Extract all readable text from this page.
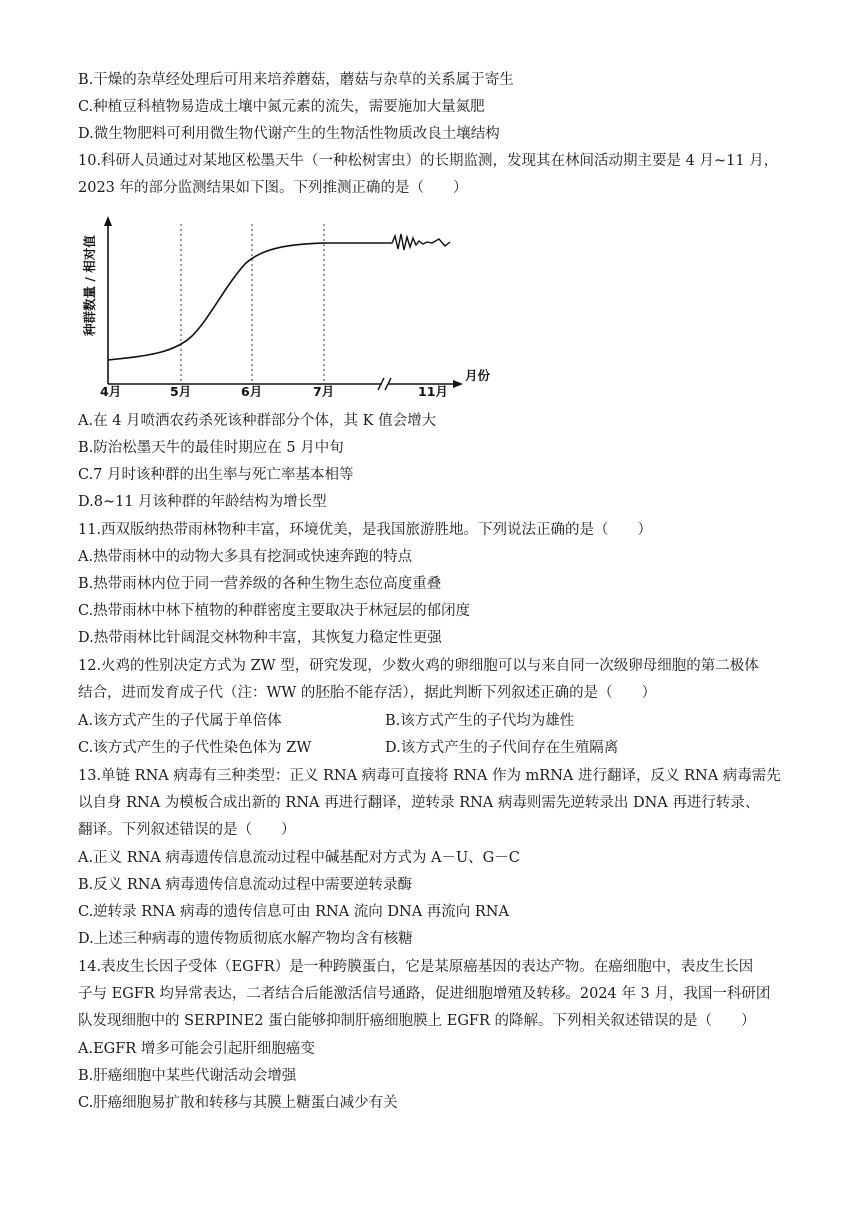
B.干燥的杂草经处理后可用来培养蘑菇，蘑菇与杂草的关系属于寄生
C.种植豆科植物易造成土壤中氮元素的流失，需要施加大量氮肥
D.微生物肥料可利用微生物代谢产生的生物活性物质改良土壤结构
10.科研人员通过对某地区松墨天牛（一种松树害虫）的长期监测，发现其在林间活动期主要是 4 月~11 月，
2023 年的部分监测结果如下图。下列推测正确的是（　　）
种群数量 / 相对值
4月	5月	6月	7月	11月
月份
A.在 4 月喷洒农药杀死该种群部分个体，其 K 值会增大
B.防治松墨天牛的最佳时期应在 5 月中旬
C.7 月时该种群的出生率与死亡率基本相等
D.8~11 月该种群的年龄结构为增长型
11.西双版纳热带雨林物种丰富，环境优美，是我国旅游胜地。下列说法正确的是（　　）
A.热带雨林中的动物大多具有挖洞或快速奔跑的特点
B.热带雨林内位于同一营养级的各种生物生态位高度重叠
C.热带雨林中林下植物的种群密度主要取决于林冠层的郁闭度
D.热带雨林比针阔混交林物种丰富，其恢复力稳定性更强
12.火鸡的性别决定方式为 ZW 型，研究发现，少数火鸡的卵细胞可以与来自同一次级卵母细胞的第二极体
结合，进而发育成子代（注：WW 的胚胎不能存活），据此判断下列叙述正确的是（　　）
A.该方式产生的子代属于单倍体	B.该方式产生的子代均为雄性
C.该方式产生的子代性染色体为 ZW	D.该方式产生的子代间存在生殖隔离
13.单链 RNA 病毒有三种类型：正义 RNA 病毒可直接将 RNA 作为 mRNA 进行翻译，反义 RNA 病毒需先
以自身 RNA 为模板合成出新的 RNA 再进行翻译，逆转录 RNA 病毒则需先逆转录出 DNA 再进行转录、
翻译。下列叙述错误的是（　　）
A.正义 RNA 病毒遗传信息流动过程中碱基配对方式为 A－U、G－C
B.反义 RNA 病毒遗传信息流动过程中需要逆转录酶
C.逆转录 RNA 病毒的遗传信息可由 RNA 流向 DNA 再流向 RNA
D.上述三种病毒的遗传物质彻底水解产物均含有核糖
14.表皮生长因子受体（EGFR）是一种跨膜蛋白，它是某原癌基因的表达产物。在癌细胞中，表皮生长因
子与 EGFR 均异常表达，二者结合后能激活信号通路，促进细胞增殖及转移。2024 年 3 月，我国一科研团
队发现细胞中的 SERPINE2 蛋白能够抑制肝癌细胞膜上 EGFR 的降解。下列相关叙述错误的是（　　）
A.EGFR 增多可能会引起肝细胞癌变
B.肝癌细胞中某些代谢活动会增强
C.肝癌细胞易扩散和转移与其膜上糖蛋白减少有关
